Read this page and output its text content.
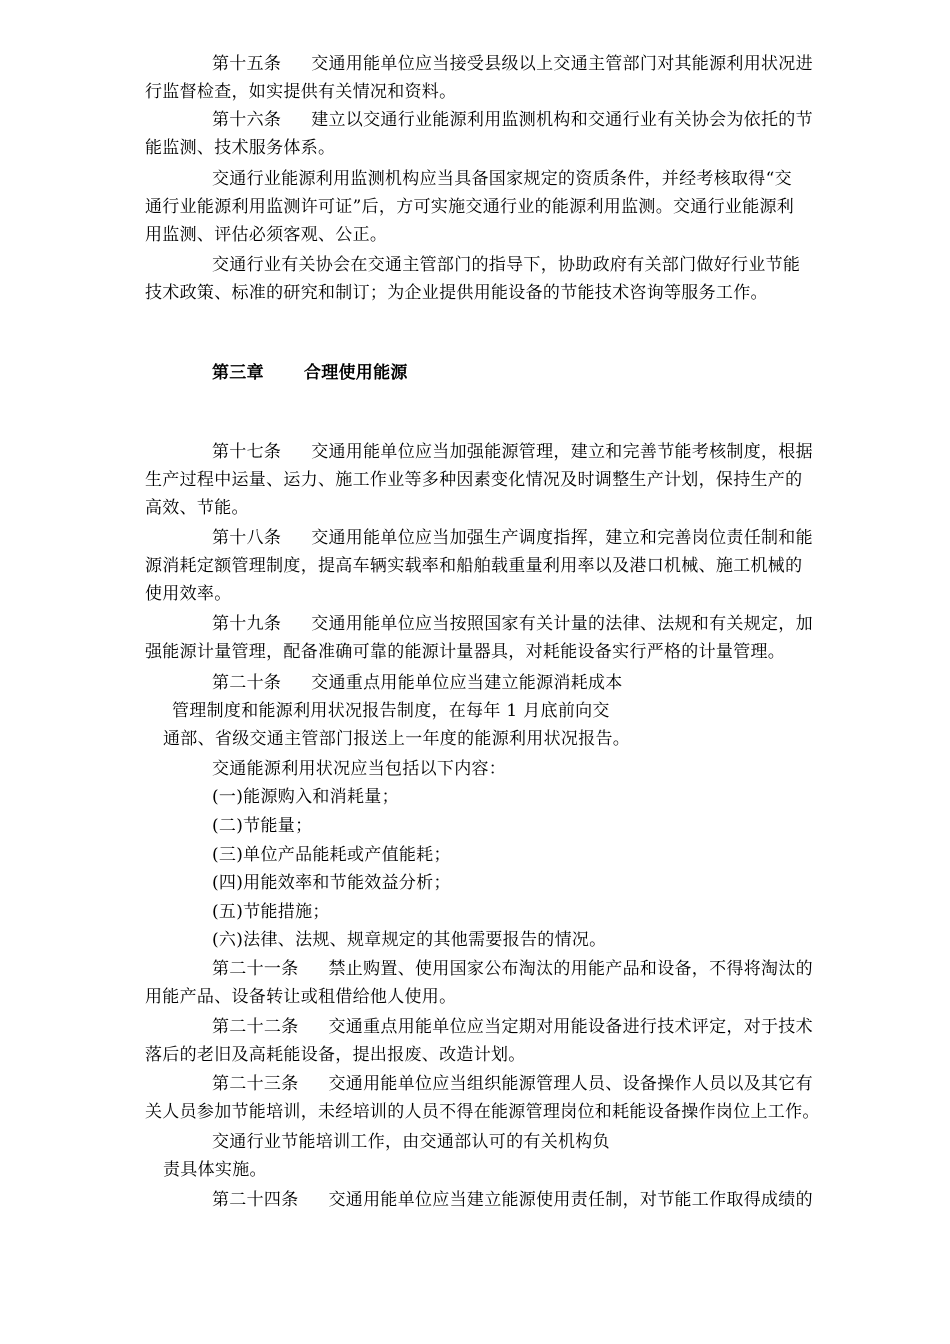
第十五条 交通用能单位应当接受县级以上交通主管部门对其能源利用状况进
行监督检查，如实提供有关情况和资料。
第十六条 建立以交通行业能源利用监测机构和交通行业有关协会为依托的节
能监测、技术服务体系。
交通行业能源利用监测机构应当具备国家规定的资质条件，并经考核取得“交
通行业能源利用监测许可证”后，方可实施交通行业的能源利用监测。交通行业能源利
用监测、评估必须客观、公正。
交通行业有关协会在交通主管部门的指导下，协助政府有关部门做好行业节能
技术政策、标准的研究和制订；为企业提供用能设备的节能技术咨询等服务工作。
第三章 合理使用能源
第十七条 交通用能单位应当加强能源管理，建立和完善节能考核制度，根据
生产过程中运量、运力、施工作业等多种因素变化情况及时调整生产计划，保持生产的
高效、节能。
第十八条 交通用能单位应当加强生产调度指挥，建立和完善岗位责任制和能
源消耗定额管理制度，提高车辆实载率和船舶载重量利用率以及港口机械、施工机械的
使用效率。
第十九条 交通用能单位应当按照国家有关计量的法律、法规和有关规定，加
强能源计量管理，配备准确可靠的能源计量器具，对耗能设备实行严格的计量管理。
第二十条 交通重点用能单位应当建立能源消耗成本
管理制度和能源利用状况报告制度，在每年 1 月底前向交
通部、省级交通主管部门报送上一年度的能源利用状况报告。
交通能源利用状况应当包括以下内容：
(一)能源购入和消耗量；
(二)节能量；
(三)单位产品能耗或产值能耗；
(四)用能效率和节能效益分析；
(五)节能措施；
(六)法律、法规、规章规定的其他需要报告的情况。
第二十一条 禁止购置、使用国家公布淘汰的用能产品和设备，不得将淘汰的
用能产品、设备转让或租借给他人使用。
第二十二条 交通重点用能单位应当定期对用能设备进行技术评定，对于技术
落后的老旧及高耗能设备，提出报废、改造计划。
第二十三条 交通用能单位应当组织能源管理人员、设备操作人员以及其它有
关人员参加节能培训，未经培训的人员不得在能源管理岗位和耗能设备操作岗位上工作。
交通行业节能培训工作，由交通部认可的有关机构负
责具体实施。
第二十四条 交通用能单位应当建立能源使用责任制，对节能工作取得成绩的
